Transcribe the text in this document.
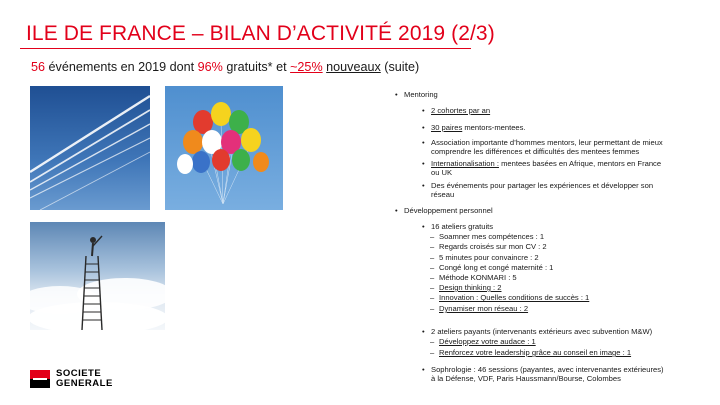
ILE DE FRANCE – BILAN D’ACTIVITÉ 2019 (2/3)
56 événements en 2019 dont 96% gratuits* et ~25% nouveaux (suite)
SOCIETE
GENERALE
• Mentoring
• 2 cohortes par an
• 30 paires mentors-mentees.
• Association importante d’hommes mentors, leur permettant de mieux
comprendre les différences et difficultés des mentees femmes
• Internationalisation : mentees basées en Afrique, mentors en France
ou UK
• Des événements pour partager les expériences et développer son
réseau
• Développement personnel
• 16 ateliers gratuits
– Soamner mes compétences : 1
– Regards croisés sur mon CV : 2
– 5 minutes pour convaincre : 2
– Congé long et congé maternité : 1
– Méthode KONMARI : 5
– Design thinking : 2
– Innovation : Quelles conditions de succès : 1
– Dynamiser mon réseau : 2
• 2 ateliers payants (intervenants extérieurs avec subvention M&W)
– Développez votre audace : 1
– Renforcez votre leadership grâce au conseil en image : 1
• Sophrologie : 46 sessions (payantes, avec intervenantes extérieures)
à la Défense, VDF, Paris Haussmann/Bourse, Colombes
